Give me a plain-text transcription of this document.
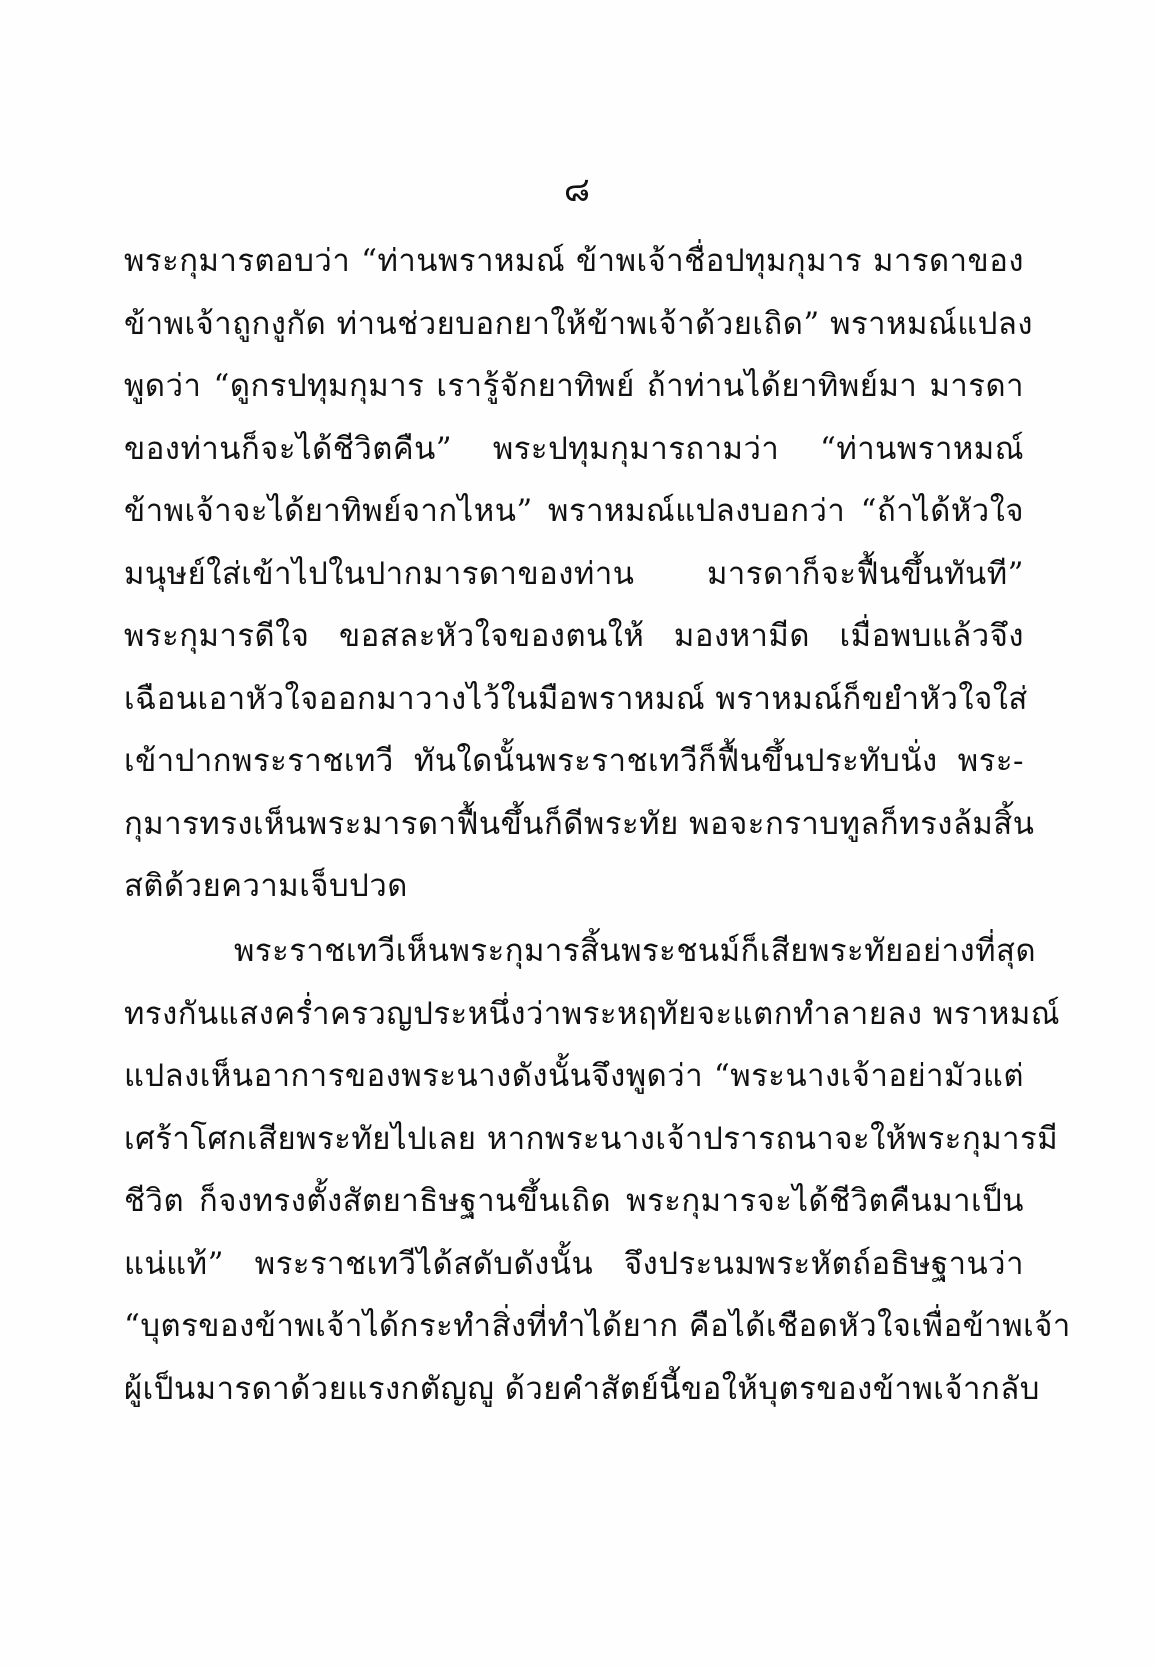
๘
พระกุมารตอบว่า “ท่านพราหมณ์ ข้าพเจ้าชื่อปทุมกุมาร มารดาของ
ข้าพเจ้าถูกงูกัด ท่านช่วยบอกยาให้ข้าพเจ้าด้วยเถิด” พราหมณ์แปลง
พูดว่า “ดูกรปทุมกุมาร เรารู้จักยาทิพย์ ถ้าท่านได้ยาทิพย์มา มารดา
ของท่านก็จะได้ชีวิตคืน” พระปทุมกุมารถามว่า “ท่านพราหมณ์
ข้าพเจ้าจะได้ยาทิพย์จากไหน” พราหมณ์แปลงบอกว่า “ถ้าได้หัวใจ
มนุษย์ใส่เข้าไปในปากมารดาของท่าน มารดาก็จะฟื้นขึ้นทันที”
พระกุมารดีใจ ขอสละหัวใจของตนให้ มองหามีด เมื่อพบแล้วจึง
เฉือนเอาหัวใจออกมาวางไว้ในมือพราหมณ์ พราหมณ์ก็ขยำหัวใจใส่
เข้าปากพระราชเทวี ทันใดนั้นพระราชเทวีก็ฟื้นขึ้นประทับนั่ง พระ-
กุมารทรงเห็นพระมารดาฟื้นขึ้นก็ดีพระทัย พอจะกราบทูลก็ทรงล้มสิ้น
สติด้วยความเจ็บปวด
พระราชเทวีเห็นพระกุมารสิ้นพระชนม์ก็เสียพระทัยอย่างที่สุด
ทรงกันแสงคร่ำครวญประหนึ่งว่าพระหฤทัยจะแตกทำลายลง พราหมณ์
แปลงเห็นอาการของพระนางดังนั้นจึงพูดว่า “พระนางเจ้าอย่ามัวแต่
เศร้าโศกเสียพระทัยไปเลย หากพระนางเจ้าปรารถนาจะให้พระกุมารมี
ชีวิต ก็จงทรงตั้งสัตยาธิษฐานขึ้นเถิด พระกุมารจะได้ชีวิตคืนมาเป็น
แน่แท้” พระราชเทวีได้สดับดังนั้น จึงประนมพระหัตถ์อธิษฐานว่า
“บุตรของข้าพเจ้าได้กระทำสิ่งที่ทำได้ยาก คือได้เชือดหัวใจเพื่อข้าพเจ้า
ผู้เป็นมารดาด้วยแรงกตัญญู ด้วยคำสัตย์นี้ขอให้บุตรของข้าพเจ้ากลับ
